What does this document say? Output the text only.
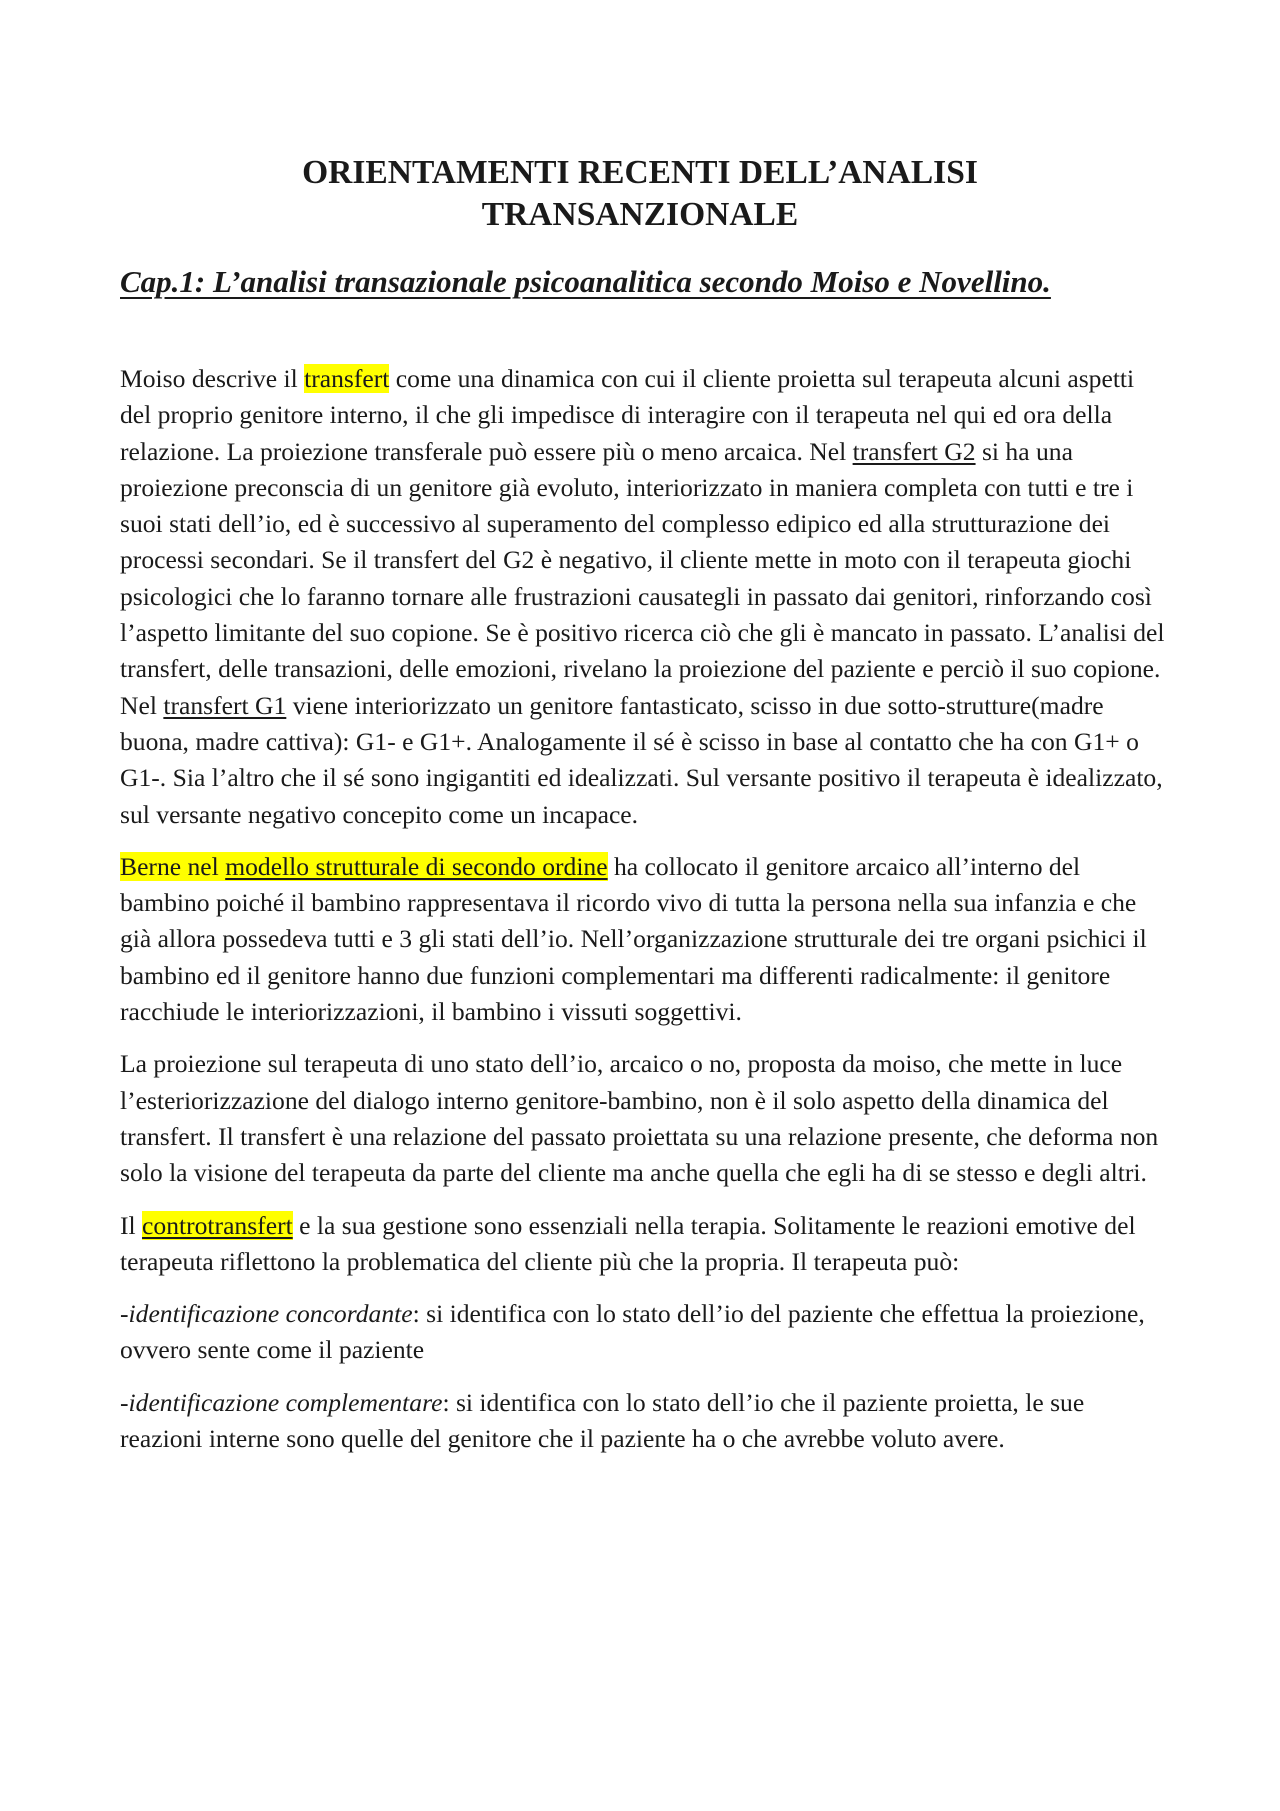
ORIENTAMENTI RECENTI DELL’ANALISI
TRANSANZIONALE
Cap.1: L’analisi transazionale psicoanalitica secondo Moiso e Novellino.

Moiso descrive il transfert come una dinamica con cui il cliente proietta sul terapeuta alcuni aspetti del proprio genitore interno, il che gli impedisce di interagire con il terapeuta nel qui ed ora della relazione. La proiezione transferale può essere più o meno arcaica. Nel transfert G2 si ha una proiezione preconscia di un genitore già evoluto, interiorizzato in maniera completa con tutti e tre i suoi stati dell’io, ed è successivo al superamento del complesso edipico ed alla strutturazione dei processi secondari. Se il transfert del G2 è negativo, il cliente mette in moto con il terapeuta giochi psicologici che lo faranno tornare alle frustrazioni causategli in passato dai genitori, rinforzando così l’aspetto limitante del suo copione. Se è positivo ricerca ciò che gli è mancato in passato. L’analisi del transfert, delle transazioni, delle emozioni, rivelano la proiezione del paziente e perciò il suo copione. Nel transfert G1 viene interiorizzato un genitore fantasticato, scisso in due sotto-strutture(madre buona, madre cattiva): G1- e G1+. Analogamente il sé è scisso in base al contatto che ha con G1+ o G1-. Sia l’altro che il sé sono ingigantiti ed idealizzati. Sul versante positivo il terapeuta è idealizzato, sul versante negativo concepito come un incapace.

Berne nel modello strutturale di secondo ordine ha collocato il genitore arcaico all’interno del bambino poiché il bambino rappresentava il ricordo vivo di tutta la persona nella sua infanzia e che già allora possedeva tutti e 3 gli stati dell’io. Nell’organizzazione strutturale dei tre organi psichici il bambino ed il genitore hanno due funzioni complementari ma differenti radicalmente: il genitore racchiude le interiorizzazioni, il bambino i vissuti soggettivi.

La proiezione sul terapeuta di uno stato dell’io, arcaico o no, proposta da moiso, che mette in luce l’esteriorizzazione del dialogo interno genitore-bambino, non è il solo aspetto della dinamica del transfert. Il transfert è una relazione del passato proiettata su una relazione presente, che deforma non solo la visione del terapeuta da parte del cliente ma anche quella che egli ha di se stesso e degli altri.

Il controtransfert e la sua gestione sono essenziali nella terapia. Solitamente le reazioni emotive del terapeuta riflettono la problematica del cliente più che la propria. Il terapeuta può:

-identificazione concordante: si identifica con lo stato dell’io del paziente che effettua la proiezione, ovvero sente come il paziente

-identificazione complementare: si identifica con lo stato dell’io che il paziente proietta, le sue reazioni interne sono quelle del genitore che il paziente ha o che avrebbe voluto avere.
